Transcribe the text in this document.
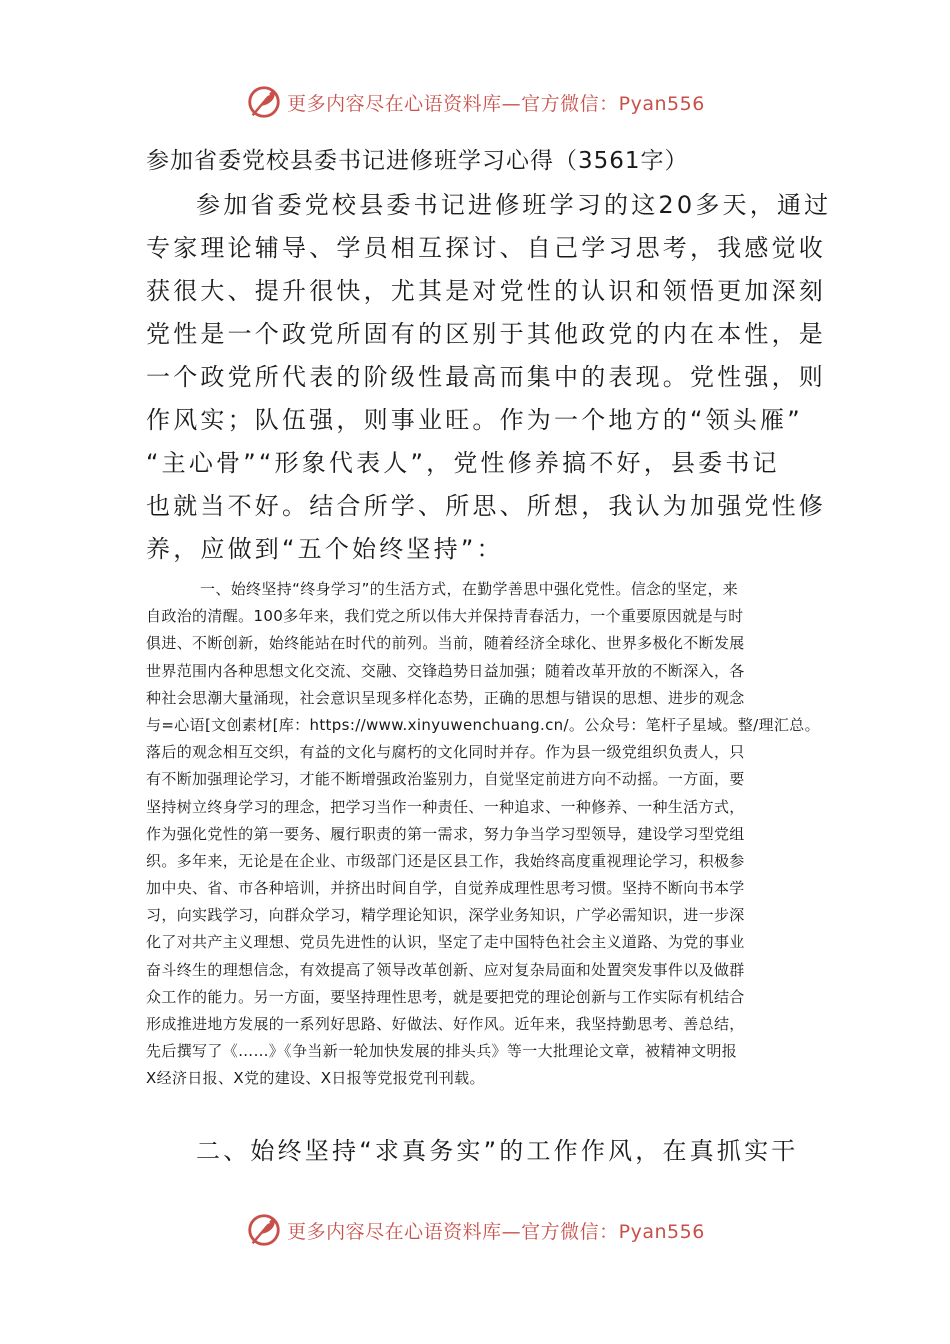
更多内容尽在心语资料库—官方微信：Pyan556
参加省委党校县委书记进修班学习心得（3561字）
参加省委党校县委书记进修班学习的这20多天，通过
专家理论辅导、学员相互探讨、自己学习思考，我感觉收
获很大、提升很快，尤其是对党性的认识和领悟更加深刻
党性是一个政党所固有的区别于其他政党的内在本性，是
一个政党所代表的阶级性最高而集中的表现。党性强，则
作风实；队伍强，则事业旺。作为一个地方的“领头雁”
“主心骨”“形象代表人”，党性修养搞不好，县委书记
也就当不好。结合所学、所思、所想，我认为加强党性修
养，应做到“五个始终坚持”：
一、始终坚持“终身学习”的生活方式，在勤学善思中强化党性。信念的坚定，来
自政治的清醒。100多年来，我们党之所以伟大并保持青春活力，一个重要原因就是与时
俱进、不断创新，始终能站在时代的前列。当前，随着经济全球化、世界多极化不断发展
世界范围内各种思想文化交流、交融、交锋趋势日益加强；随着改革开放的不断深入，各
种社会思潮大量涌现，社会意识呈现多样化态势，正确的思想与错误的思想、进步的观念
与=心语[文创素材[库：https://www.xinyuwenchuang.cn/。公众号：笔杆子星域。整/理汇总。
落后的观念相互交织，有益的文化与腐朽的文化同时并存。作为县一级党组织负责人，只
有不断加强理论学习，才能不断增强政治鉴别力，自觉坚定前进方向不动摇。一方面，要
坚持树立终身学习的理念，把学习当作一种责任、一种追求、一种修养、一种生活方式，
作为强化党性的第一要务、履行职责的第一需求，努力争当学习型领导，建设学习型党组
织。多年来，无论是在企业、市级部门还是区县工作，我始终高度重视理论学习，积极参
加中央、省、市各种培训，并挤出时间自学，自觉养成理性思考习惯。坚持不断向书本学
习，向实践学习，向群众学习，精学理论知识，深学业务知识，广学必需知识，进一步深
化了对共产主义理想、党员先进性的认识，坚定了走中国特色社会主义道路、为党的事业
奋斗终生的理想信念，有效提高了领导改革创新、应对复杂局面和处置突发事件以及做群
众工作的能力。另一方面，要坚持理性思考，就是要把党的理论创新与工作实际有机结合
形成推进地方发展的一系列好思路、好做法、好作风。近年来，我坚持勤思考、善总结，
先后撰写了《……》《争当新一轮加快发展的排头兵》等一大批理论文章，被精神文明报
X经济日报、X党的建设、X日报等党报党刊刊载。
二、始终坚持“求真务实”的工作作风，在真抓实干
更多内容尽在心语资料库—官方微信：Pyan556
